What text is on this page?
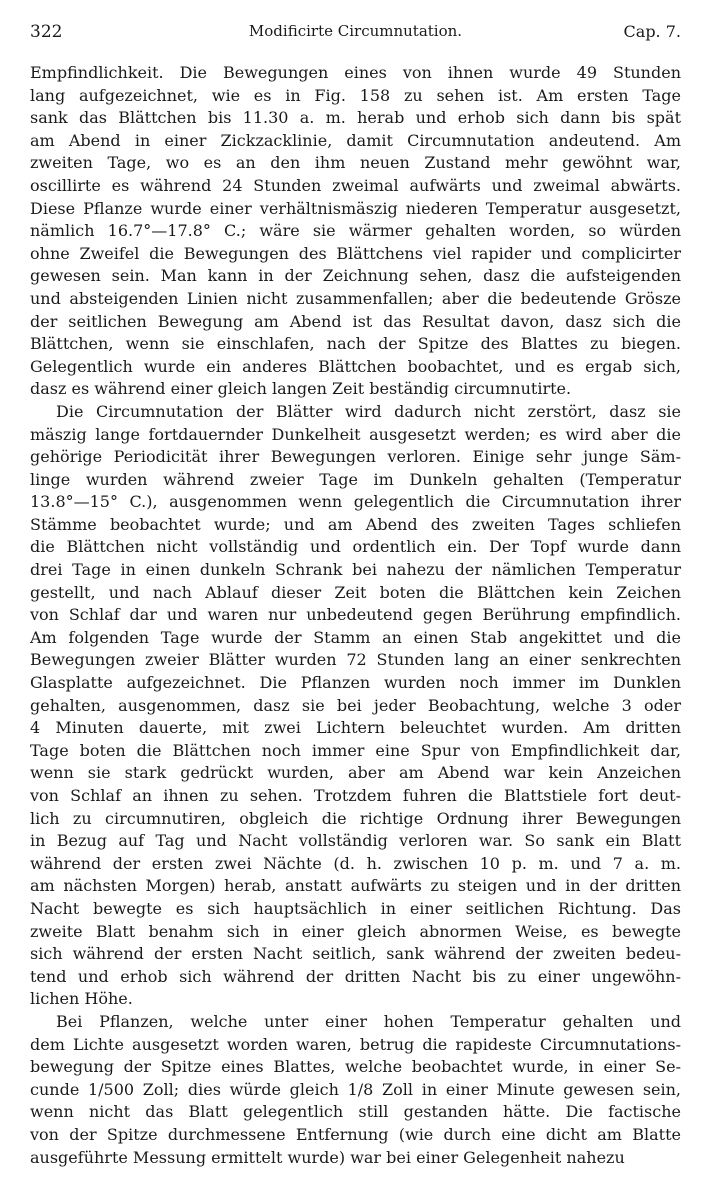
322	Modificirte Circumnutation.	Cap. 7.
Empfindlichkeit. Die Bewegungen eines von ihnen wurde 49 Stunden
lang aufgezeichnet, wie es in Fig. 158 zu sehen ist. Am ersten Tage
sank das Blättchen bis 11.30 a. m. herab und erhob sich dann bis spät
am Abend in einer Zickzacklinie, damit Circumnutation andeutend. Am
zweiten Tage, wo es an den ihm neuen Zustand mehr gewöhnt war,
oscillirte es während 24 Stunden zweimal aufwärts und zweimal abwärts.
Diese Pflanze wurde einer verhältnismäszig niederen Temperatur ausgesetzt,
nämlich 16.7°—17.8° C.; wäre sie wärmer gehalten worden, so würden
ohne Zweifel die Bewegungen des Blättchens viel rapider und complicirter
gewesen sein. Man kann in der Zeichnung sehen, dasz die aufsteigenden
und absteigenden Linien nicht zusammenfallen; aber die bedeutende Grösze
der seitlichen Bewegung am Abend ist das Resultat davon, dasz sich die
Blättchen, wenn sie einschlafen, nach der Spitze des Blattes zu biegen.
Gelegentlich wurde ein anderes Blättchen boobachtet, und es ergab sich,
dasz es während einer gleich langen Zeit beständig circumnutirte.
Die Circumnutation der Blätter wird dadurch nicht zerstört, dasz sie
mäszig lange fortdauernder Dunkelheit ausgesetzt werden; es wird aber die
gehörige Periodicität ihrer Bewegungen verloren. Einige sehr junge Säm-
linge wurden während zweier Tage im Dunkeln gehalten (Temperatur
13.8°—15° C.), ausgenommen wenn gelegentlich die Circumnutation ihrer
Stämme beobachtet wurde; und am Abend des zweiten Tages schliefen
die Blättchen nicht vollständig und ordentlich ein. Der Topf wurde dann
drei Tage in einen dunkeln Schrank bei nahezu der nämlichen Temperatur
gestellt, und nach Ablauf dieser Zeit boten die Blättchen kein Zeichen
von Schlaf dar und waren nur unbedeutend gegen Berührung empfindlich.
Am folgenden Tage wurde der Stamm an einen Stab angekittet und die
Bewegungen zweier Blätter wurden 72 Stunden lang an einer senkrechten
Glasplatte aufgezeichnet. Die Pflanzen wurden noch immer im Dunklen
gehalten, ausgenommen, dasz sie bei jeder Beobachtung, welche 3 oder
4 Minuten dauerte, mit zwei Lichtern beleuchtet wurden. Am dritten
Tage boten die Blättchen noch immer eine Spur von Empfindlichkeit dar,
wenn sie stark gedrückt wurden, aber am Abend war kein Anzeichen
von Schlaf an ihnen zu sehen. Trotzdem fuhren die Blattstiele fort deut-
lich zu circumnutiren, obgleich die richtige Ordnung ihrer Bewegungen
in Bezug auf Tag und Nacht vollständig verloren war. So sank ein Blatt
während der ersten zwei Nächte (d. h. zwischen 10 p. m. und 7 a. m.
am nächsten Morgen) herab, anstatt aufwärts zu steigen und in der dritten
Nacht bewegte es sich hauptsächlich in einer seitlichen Richtung. Das
zweite Blatt benahm sich in einer gleich abnormen Weise, es bewegte
sich während der ersten Nacht seitlich, sank während der zweiten bedeu-
tend und erhob sich während der dritten Nacht bis zu einer ungewöhn-
lichen Höhe.
Bei Pflanzen, welche unter einer hohen Temperatur gehalten und
dem Lichte ausgesetzt worden waren, betrug die rapideste Circumnutations-
bewegung der Spitze eines Blattes, welche beobachtet wurde, in einer Se-
cunde 1/500 Zoll; dies würde gleich 1/8 Zoll in einer Minute gewesen sein,
wenn nicht das Blatt gelegentlich still gestanden hätte. Die factische
von der Spitze durchmessene Entfernung (wie durch eine dicht am Blatte
ausgeführte Messung ermittelt wurde) war bei einer Gelegenheit nahezu
